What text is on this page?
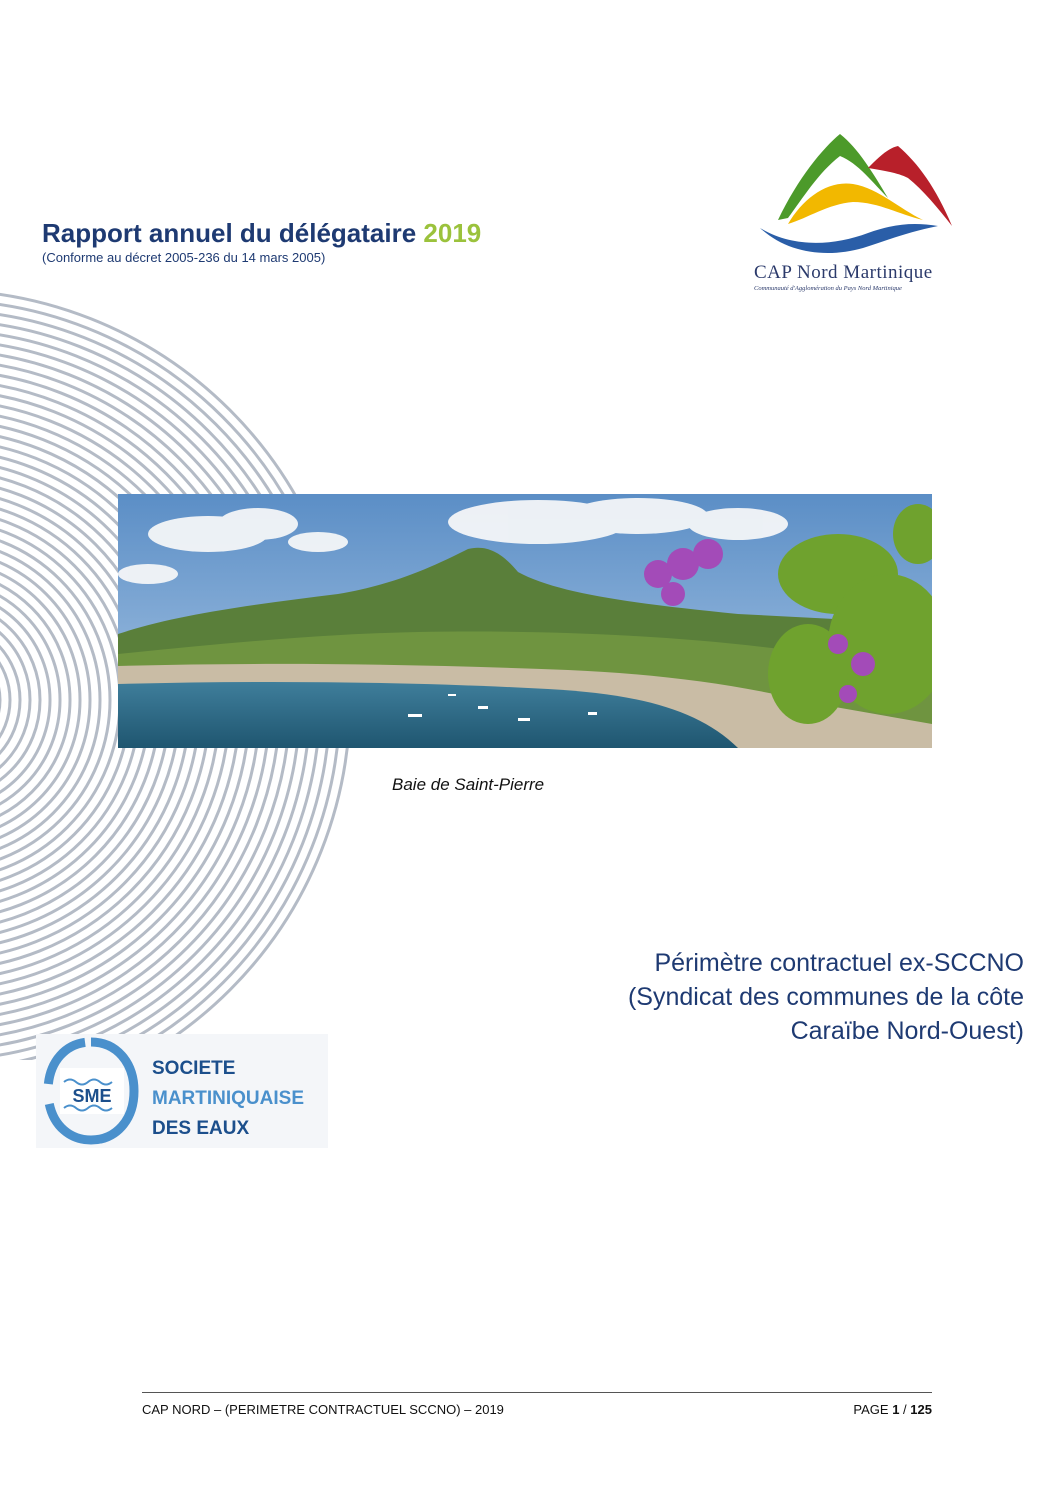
Rapport annuel du délégataire 2019

(Conforme au décret 2005-236 du 14 mars 2005)

CAP Nord Martinique
Communauté d'Agglomération du Pays Nord Martinique
Baie de Saint-Pierre
Périmètre contractuel ex-SCCNO
(Syndicat des communes de la côte
Caraïbe Nord-Ouest)
SME
SOCIETE
MARTINIQUAISE
DES EAUX
CAP NORD – (PERIMETRE CONTRACTUEL SCCNO) – 2019	PAGE 1 / 125
